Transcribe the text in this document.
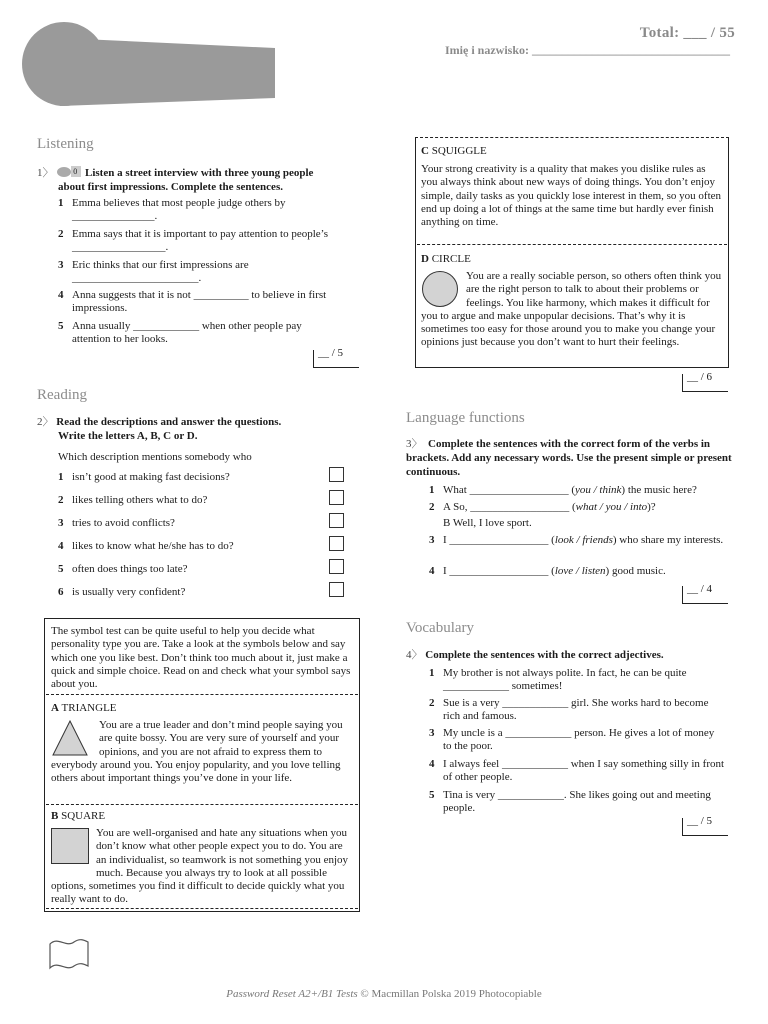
Total: ___ / 55
Imię i nazwisko: _________________________________
Listening
1〉 0 Listen a street interview with three young people
about first impressions. Complete the sentences.
1 Emma believes that most people judge others by _______________.
2 Emma says that it is important to pay attention to people’s _________________.
3 Eric thinks that our first impressions are _______________________.
4 Anna suggests that it is not __________ to believe in first impressions.
5 Anna usually ____________ when other people pay attention to her looks.
__ / 5
Reading
2〉 Read the descriptions and answer the questions.
Write the letters A, B, C or D.
Which description mentions somebody who
1 isn’t good at making fast decisions?
2 likes telling others what to do?
3 tries to avoid conflicts?
4 likes to know what he/she has to do?
5 often does things too late?
6 is usually very confident?
The symbol test can be quite useful to help you decide what personality type you are. Take a look at the symbols below and say which one you like best. Don’t think too much about it, just make a quick and simple choice. Read on and check what your symbol says about you.
A TRIANGLE
You are a true leader and don’t mind people saying you are quite bossy. You are very sure of yourself and your opinions, and you are not afraid to express them to everybody around you. You enjoy popularity, and you love telling others about important things you’ve done in your life.
B SQUARE
You are well-organised and hate any situations when you don’t know what other people expect you to do. You are an individualist, so teamwork is not something you enjoy much. Because you always try to look at all possible options, sometimes you find it difficult to decide quickly what you really want to do.
C SQUIGGLE
Your strong creativity is a quality that makes you dislike rules as you always think about new ways of doing things. You don’t enjoy simple, daily tasks as you quickly lose interest in them, so you often end up doing a lot of things at the same time but hardly ever finish anything on time.
D CIRCLE
You are a really sociable person, so others often think you are the right person to talk to about their problems or feelings. You like harmony, which makes it difficult for you to argue and make unpopular decisions. That’s why it is sometimes too easy for those around you to make you change your opinions just because you don’t want to hurt their feelings.
__ / 6
Language functions
3〉 Complete the sentences with the correct form of the verbs in brackets. Add any necessary words. Use the present simple or present continuous.
1 What __________________ (you / think) the music here?
2 A So, __________________ (what / you / into)?
B Well, I love sport.
3 I __________________ (look / friends) who share my interests.
4 I __________________ (love / listen) good music.
__ / 4
Vocabulary
4〉 Complete the sentences with the correct adjectives.
1 My brother is not always polite. In fact, he can be quite ____________ sometimes!
2 Sue is a very ____________ girl. She works hard to become rich and famous.
3 My uncle is a ____________ person. He gives a lot of money to the poor.
4 I always feel ____________ when I say something silly in front of other people.
5 Tina is very ____________. She likes going out and meeting people.
__ / 5
Password Reset A2+/B1 Tests © Macmillan Polska 2019 Photocopiable
